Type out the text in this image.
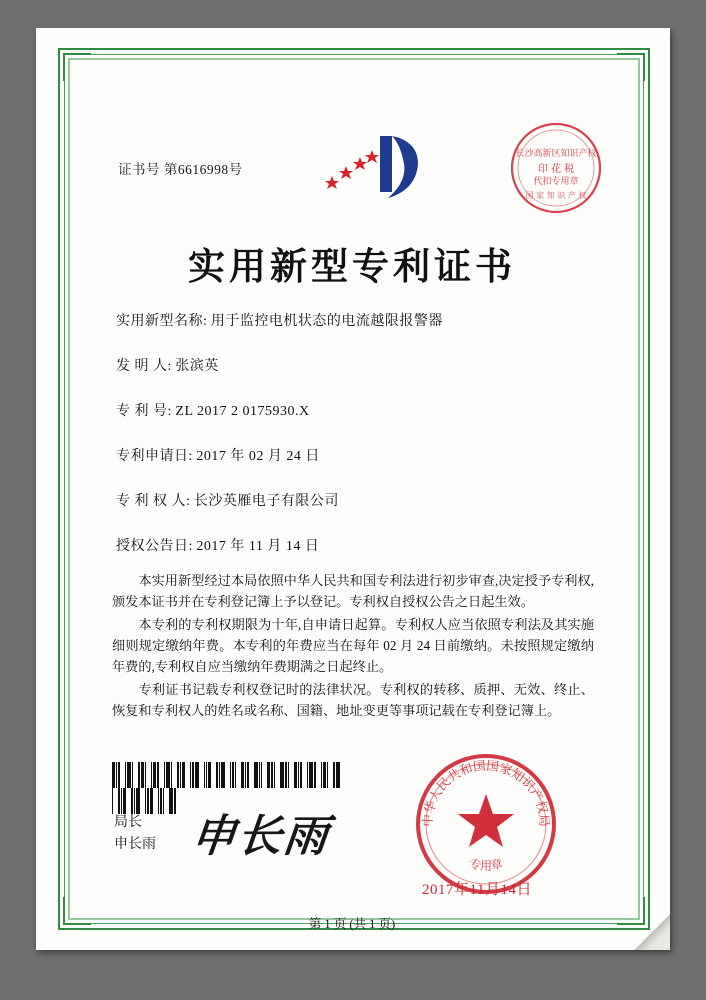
证书号 第6616998号
长沙高新区知识产权
印 花 税
代扣专用章
国 家 知 识 产 权
实用新型专利证书
实用新型名称: 用于监控电机状态的电流越限报警器
发 明 人: 张滨英
专 利 号: ZL 2017 2 0175930.X
专利申请日: 2017 年 02 月 24 日
专 利 权 人: 长沙英雁电子有限公司
授权公告日: 2017 年 11 月 14 日

本实用新型经过本局依照中华人民共和国专利法进行初步审查,决定授予专利权,颁发本证书并在专利登记簿上予以登记。专利权自授权公告之日起生效。

本专利的专利权期限为十年,自申请日起算。专利权人应当依照专利法及其实施细则规定缴纳年费。本专利的年费应当在每年 02 月 24 日前缴纳。未按照规定缴纳年费的,专利权自应当缴纳年费期满之日起终止。

专利证书记载专利权登记时的法律状况。专利权的转移、质押、无效、终止、恢复和专利权人的姓名或名称、国籍、地址变更等事项记载在专利登记簿上。

局长
申长雨 申长雨	中华人民共和国国家知识产权局
专用章
2017年11月14日
第 1 页 (共 1 页)
